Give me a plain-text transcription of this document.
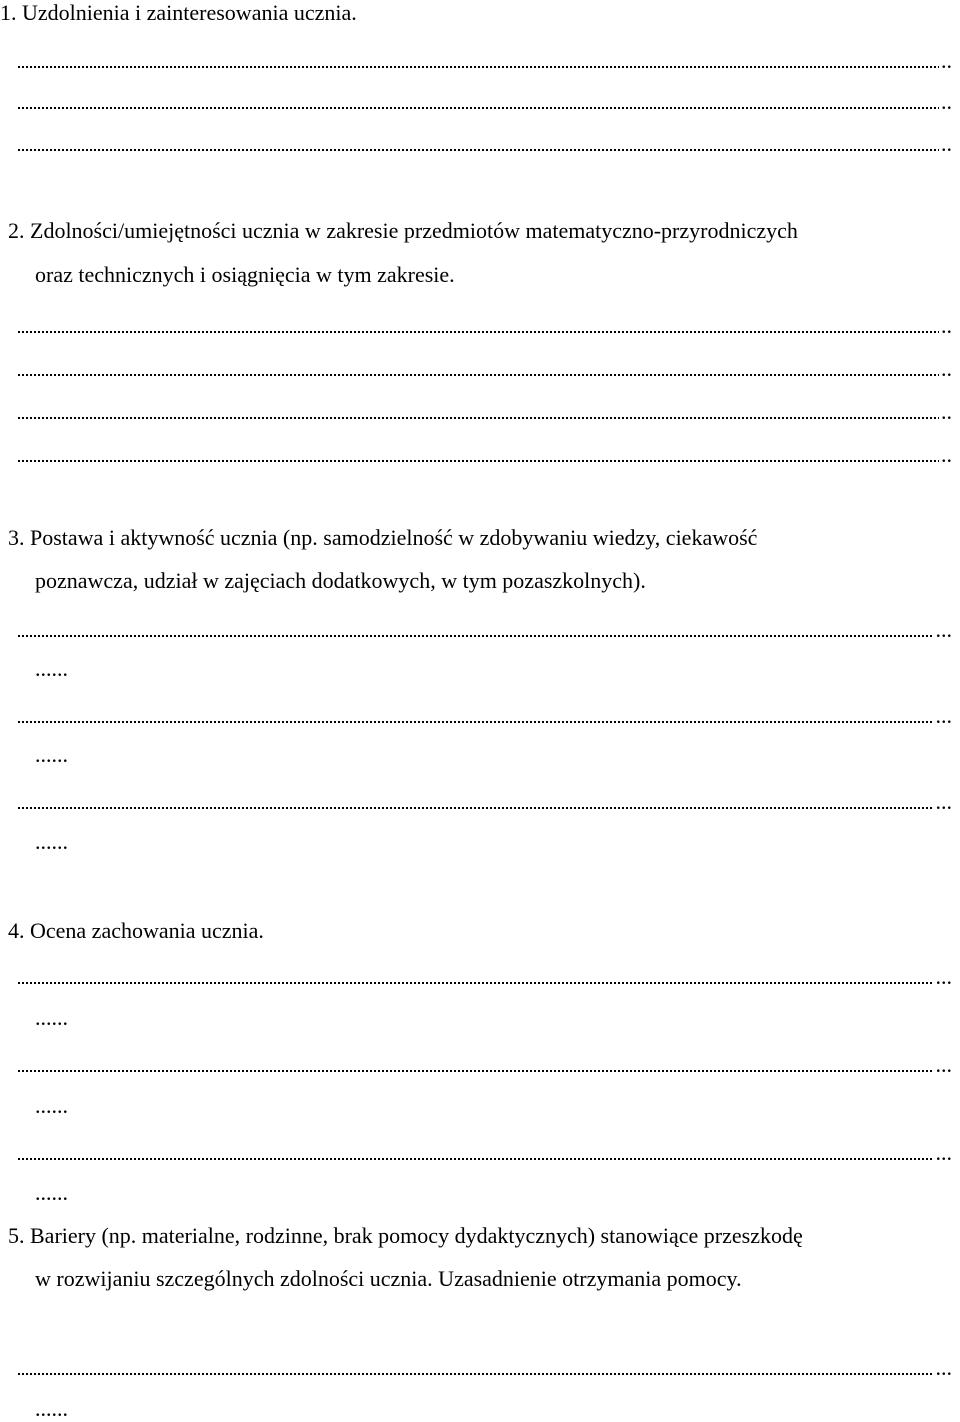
1. Uzdolnienia i zainteresowania ucznia.
..
..
..
2. Zdolności/umiejętności ucznia w zakresie przedmiotów matematyczno-przyrodniczych
oraz technicznych i osiągnięcia w tym zakresie.
..
..
..
..
3. Postawa i aktywność ucznia (np. samodzielność w zdobywaniu wiedzy, ciekawość
poznawcza, udział w zajęciach dodatkowych, w tym pozaszkolnych).
...
......
...
......
...
......
4. Ocena zachowania ucznia.
...
......
...
......
...
......
5. Bariery (np. materialne, rodzinne, brak pomocy dydaktycznych) stanowiące przeszkodę
w rozwijaniu szczególnych zdolności ucznia. Uzasadnienie otrzymania pomocy.
...
......
